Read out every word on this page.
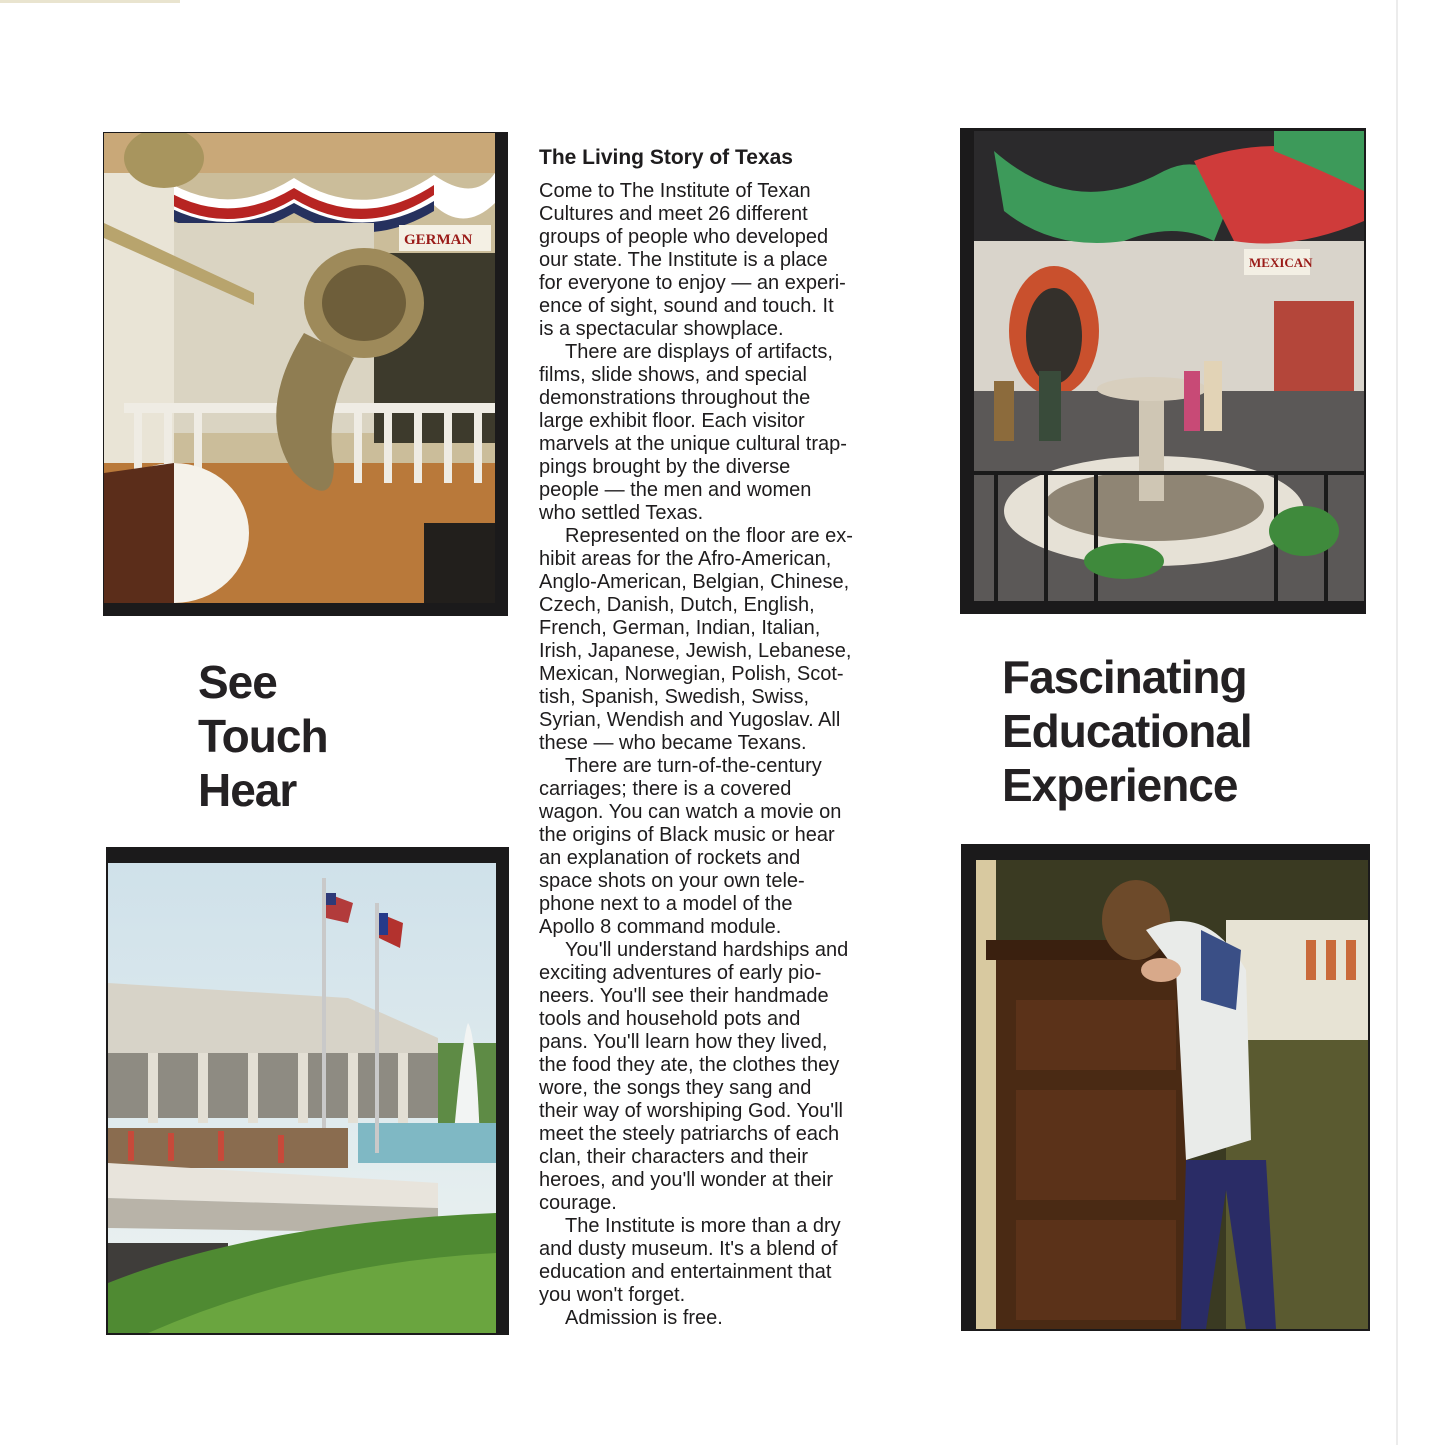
GERMAN
MEXICAN
See
Touch
Hear
Fascinating
Educational
Experience
The Living Story of Texas
Come to The Institute of Texan
Cultures and meet 26 different
groups of people who developed
our state. The Institute is a place
for everyone to enjoy — an experi-
ence of sight, sound and touch. It
is a spectacular showplace.
There are displays of artifacts,
films, slide shows, and special
demonstrations throughout the
large exhibit floor. Each visitor
marvels at the unique cultural trap-
pings brought by the diverse
people — the men and women
who settled Texas.
Represented on the floor are ex-
hibit areas for the Afro-American,
Anglo-American, Belgian, Chinese,
Czech, Danish, Dutch, English,
French, German, Indian, Italian,
Irish, Japanese, Jewish, Lebanese,
Mexican, Norwegian, Polish, Scot-
tish, Spanish, Swedish, Swiss,
Syrian, Wendish and Yugoslav. All
these — who became Texans.
There are turn-of-the-century
carriages; there is a covered
wagon. You can watch a movie on
the origins of Black music or hear
an explanation of rockets and
space shots on your own tele-
phone next to a model of the
Apollo 8 command module.
You'll understand hardships and
exciting adventures of early pio-
neers. You'll see their handmade
tools and household pots and
pans. You'll learn how they lived,
the food they ate, the clothes they
wore, the songs they sang and
their way of worshiping God. You'll
meet the steely patriarchs of each
clan, their characters and their
heroes, and you'll wonder at their
courage.
The Institute is more than a dry
and dusty museum. It's a blend of
education and entertainment that
you won't forget.
Admission is free.
